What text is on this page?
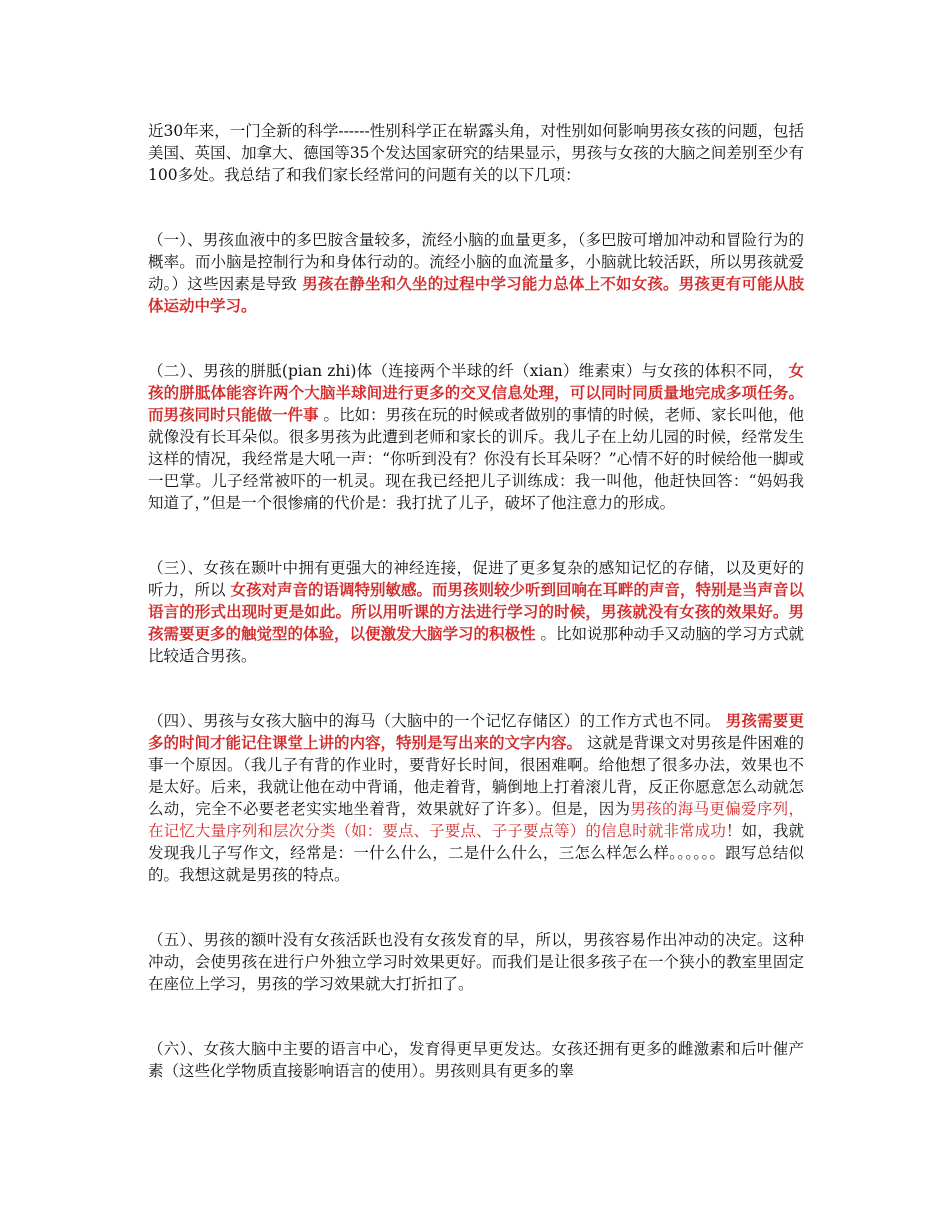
近30年来，一门全新的科学------性别科学正在崭露头角，对性别如何影响男孩女孩的问题，包括美国、英国、加拿大、德国等35个发达国家研究的结果显示，男孩与女孩的大脑之间差别至少有100多处。我总结了和我们家长经常问的问题有关的以下几项：

（一）、男孩血液中的多巴胺含量较多，流经小脑的血量更多，（多巴胺可增加冲动和冒险行为的概率。而小脑是控制行为和身体行动的。流经小脑的血流量多，小脑就比较活跃，所以男孩就爱动。）这些因素是导致 男孩在静坐和久坐的过程中学习能力总体上不如女孩。男孩更有可能从肢体运动中学习。

（二）、男孩的胼胝(pian zhi)体（连接两个半球的纤（xian）维素束）与女孩的体积不同， 女孩的胼胝体能容许两个大脑半球间进行更多的交叉信息处理，可以同时同质量地完成多项任务。而男孩同时只能做一件事 。比如：男孩在玩的时候或者做别的事情的时候，老师、家长叫他，他就像没有长耳朵似。很多男孩为此遭到老师和家长的训斥。我儿子在上幼儿园的时候，经常发生这样的情况，我经常是大吼一声：“你听到没有？你没有长耳朵呀？”心情不好的时候给他一脚或一巴掌。儿子经常被吓的一机灵。现在我已经把儿子训练成：我一叫他，他赶快回答：“妈妈我知道了，”但是一个很惨痛的代价是：我打扰了儿子，破坏了他注意力的形成。

（三）、女孩在颞叶中拥有更强大的神经连接，促进了更多复杂的感知记忆的存储，以及更好的听力，所以 女孩对声音的语调特别敏感。而男孩则较少听到回响在耳畔的声音，特别是当声音以语言的形式出现时更是如此。所以用听课的方法进行学习的时候，男孩就没有女孩的效果好。男孩需要更多的触觉型的体验，以便激发大脑学习的积极性 。比如说那种动手又动脑的学习方式就比较适合男孩。

（四）、男孩与女孩大脑中的海马（大脑中的一个记忆存储区）的工作方式也不同。 男孩需要更多的时间才能记住课堂上讲的内容，特别是写出来的文字内容。 这就是背课文对男孩是件困难的事一个原因。（我儿子有背的作业时，要背好长时间，很困难啊。给他想了很多办法，效果也不是太好。后来，我就让他在动中背诵，他走着背，躺倒地上打着滚儿背，反正你愿意怎么动就怎么动，完全不必要老老实实地坐着背，效果就好了许多）。但是，因为男孩的海马更偏爱序列，在记忆大量序列和层次分类（如：要点、子要点、子子要点等）的信息时就非常成功！如，我就发现我儿子写作文，经常是：一什么什么，二是什么什么，三怎么样怎么样。。。。。。跟写总结似的。我想这就是男孩的特点。

（五）、男孩的额叶没有女孩活跃也没有女孩发育的早，所以，男孩容易作出冲动的决定。这种冲动，会使男孩在进行户外独立学习时效果更好。而我们是让很多孩子在一个狭小的教室里固定在座位上学习，男孩的学习效果就大打折扣了。

（六）、女孩大脑中主要的语言中心，发育得更早更发达。女孩还拥有更多的雌激素和后叶催产素（这些化学物质直接影响语言的使用）。男孩则具有更多的睾
